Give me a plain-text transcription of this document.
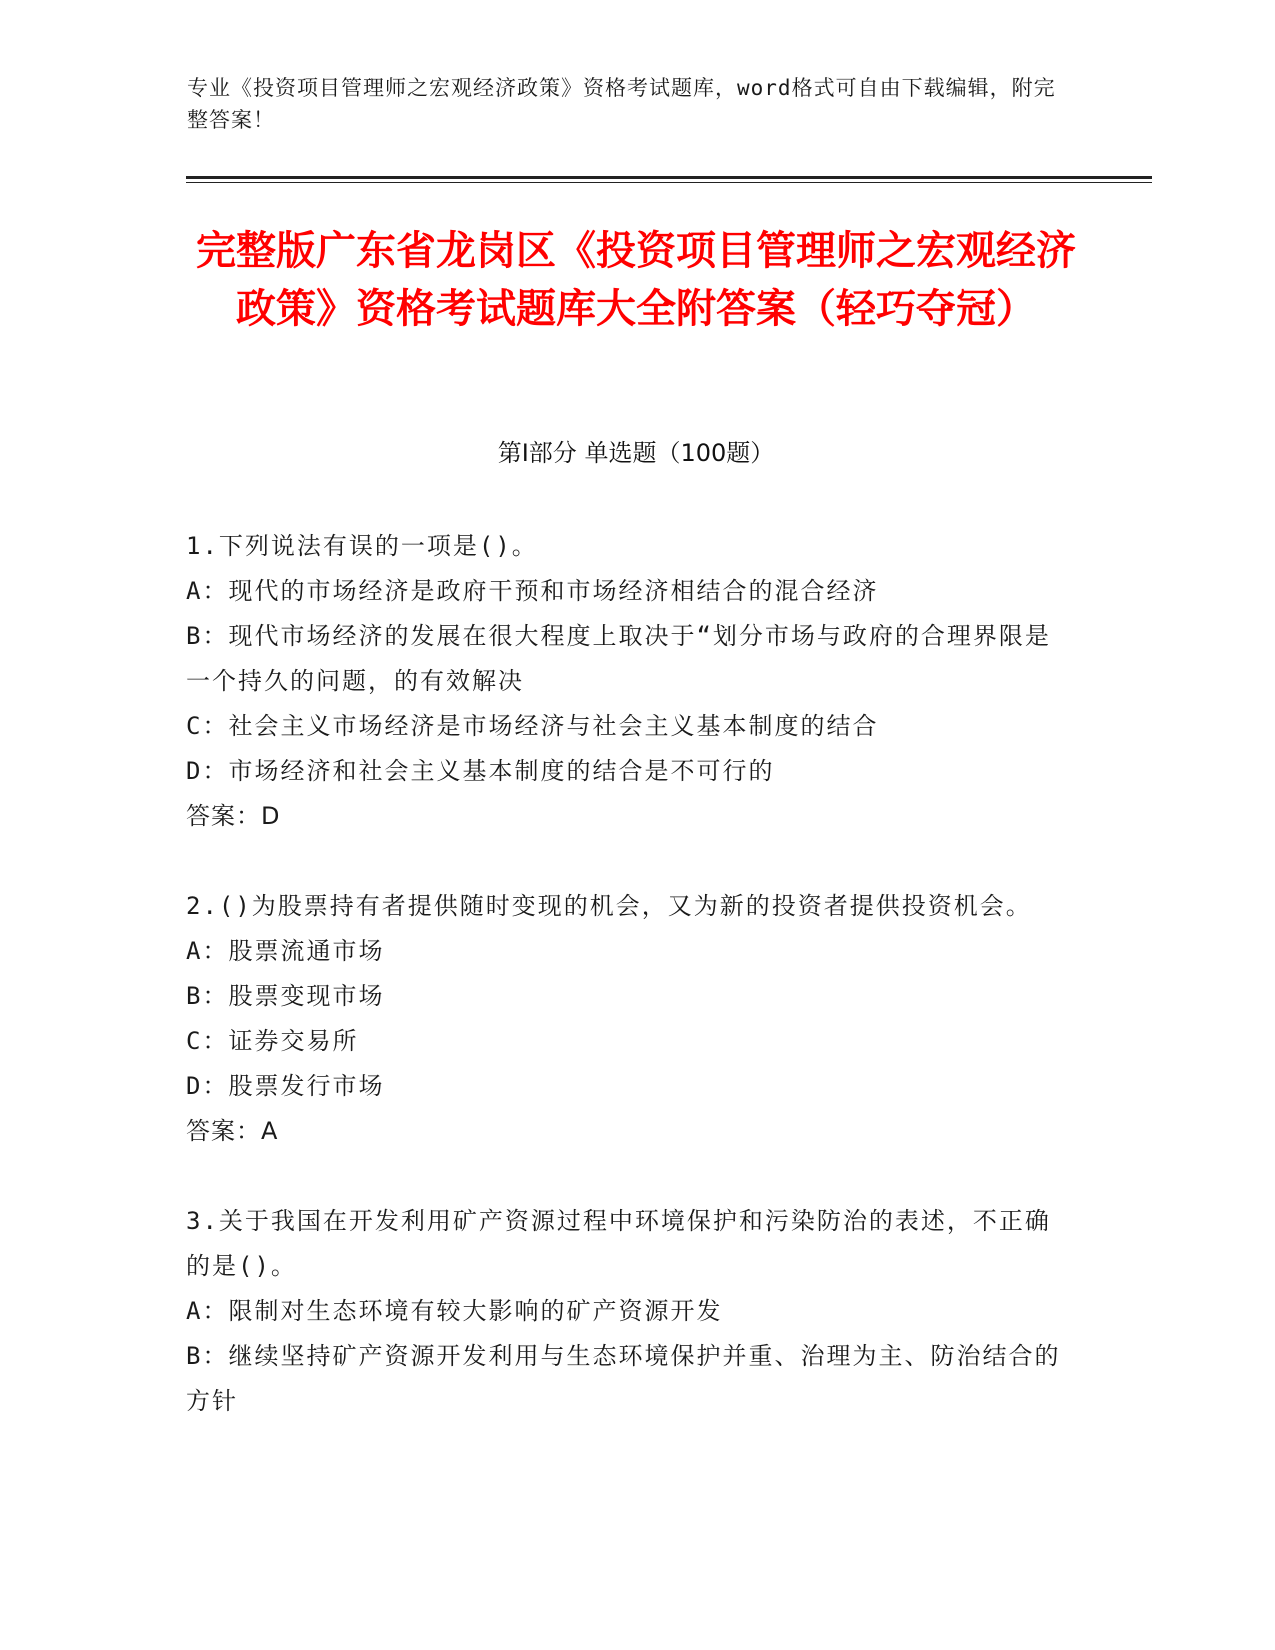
专业《投资项目管理师之宏观经济政策》资格考试题库，word格式可自由下载编辑，附完整答案！
完整版广东省龙岗区《投资项目管理师之宏观经济政策》资格考试题库大全附答案（轻巧夺冠）
第I部分 单选题（100题）
1.下列说法有误的一项是()。
A：现代的市场经济是政府干预和市场经济相结合的混合经济
B：现代市场经济的发展在很大程度上取决于“划分市场与政府的合理界限是一个持久的问题，的有效解决
C：社会主义市场经济是市场经济与社会主义基本制度的结合
D：市场经济和社会主义基本制度的结合是不可行的
答案：D
2.()为股票持有者提供随时变现的机会，又为新的投资者提供投资机会。
A：股票流通市场
B：股票变现市场
C：证券交易所
D：股票发行市场
答案：A
3.关于我国在开发利用矿产资源过程中环境保护和污染防治的表述，不正确的是()。
A：限制对生态环境有较大影响的矿产资源开发
B：继续坚持矿产资源开发利用与生态环境保护并重、治理为主、防治结合的方针
